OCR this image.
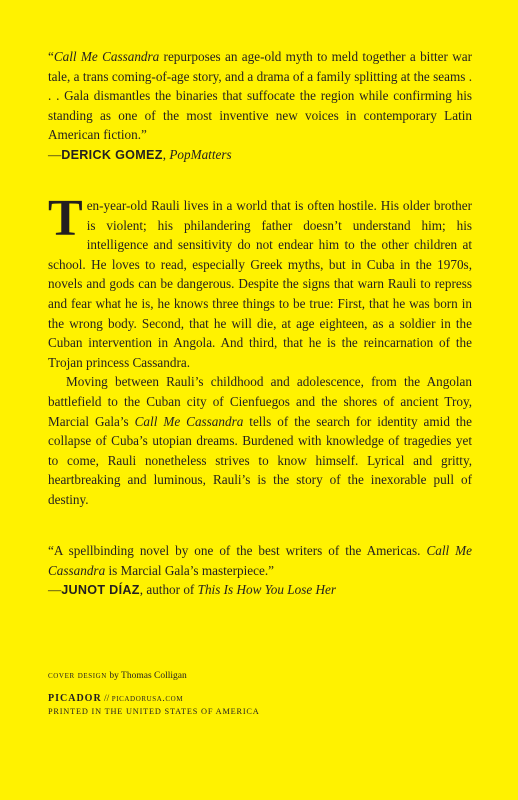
“Call Me Cassandra repurposes an age-old myth to meld together a bitter war tale, a trans coming-of-age story, and a drama of a family splitting at the seams . . . Gala dismantles the binaries that suffocate the region while confirming his standing as one of the most inventive new voices in contemporary Latin American fiction.”

—DERICK GOMEZ, PopMatters

Ten-year-old Rauli lives in a world that is often hostile. His older brother is violent; his philandering father doesn’t understand him; his intelligence and sensitivity do not endear him to the other children at school. He loves to read, especially Greek myths, but in Cuba in the 1970s, novels and gods can be dangerous. Despite the signs that warn Rauli to repress and fear what he is, he knows three things to be true: First, that he was born in the wrong body. Second, that he will die, at age eighteen, as a soldier in the Cuban intervention in Angola. And third, that he is the reincarnation of the Trojan princess Cassandra.

Moving between Rauli’s childhood and adolescence, from the Angolan battlefield to the Cuban city of Cienfuegos and the shores of ancient Troy, Marcial Gala’s Call Me Cassandra tells of the search for identity amid the collapse of Cuba’s utopian dreams. Burdened with knowledge of tragedies yet to come, Rauli nonetheless strives to know himself. Lyrical and gritty, heartbreaking and luminous, Rauli’s is the story of the inexorable pull of destiny.

“A spellbinding novel by one of the best writers of the Americas. Call Me Cassandra is Marcial Gala’s masterpiece.”

—JUNOT DÍAZ, author of This Is How You Lose Her

cover design by Thomas Colligan
PICADOR // picadorusa.com
PRINTED IN THE UNITED STATES OF AMERICA
